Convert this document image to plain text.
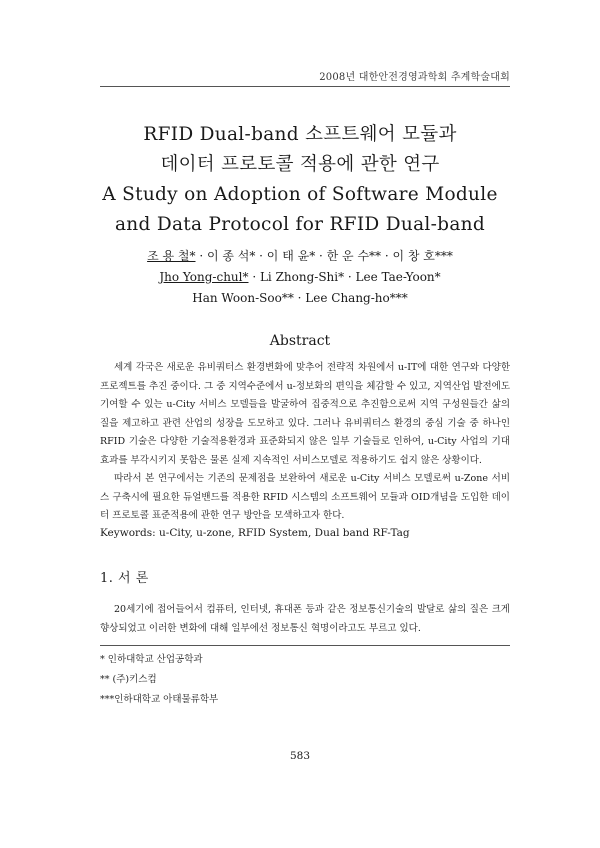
2008년 대한안전경영과학회 추계학술대회
RFID Dual-band 소프트웨어 모듈과
데이터 프로토콜 적용에 관한 연구
A Study on Adoption of Software Module
and Data Protocol for RFID Dual-band
조 용 철* · 이 종 석* · 이 태 윤* · 한 운 수** · 이 창 호***
Jho Yong-chul* · Li Zhong-Shi* · Lee Tae-Yoon*
Han Woon-Soo** · Lee Chang-ho***
Abstract

세계 각국은 새로운 유비쿼터스 환경변화에 맞추어 전략적 차원에서 u-IT에 대한 연구와 다양한 프로젝트를 추진 중이다. 그 중 지역수준에서 u-정보화의 편익을 체감할 수 있고, 지역산업 발전에도 기여할 수 있는 u-City 서비스 모델들을 발굴하여 집중적으로 추진함으로써 지역 구성원들간 삶의 질을 제고하고 관련 산업의 성장을 도모하고 있다. 그러나 유비쿼터스 환경의 중심 기술 중 하나인 RFID 기술은 다양한 기술적용환경과 표준화되지 않은 일부 기술들로 인하여, u-City 사업의 기대효과를 부각시키지 못함은 물론 실제 지속적인 서비스모델로 적용하기도 쉽지 않은 상황이다.

따라서 본 연구에서는 기존의 문제점을 보완하여 새로운 u-City 서비스 모델로써 u-Zone 서비스 구축시에 필요한 듀얼밴드를 적용한 RFID 시스템의 소프트웨어 모듈과 OID개념을 도입한 데이터 프로토콜 표준적용에 관한 연구 방안을 모색하고자 한다.

Keywords: u-City, u-zone, RFID System, Dual band RF-Tag
1. 서 론

20세기에 접어들어서 컴퓨터, 인터넷, 휴대폰 등과 같은 정보통신기술의 발달로 삶의 질은 크게 향상되었고 이러한 변화에 대해 일부에선 정보통신 혁명이라고도 부르고 있다.

* 인하대학교 산업공학과
** (주)키스컴
***인하대학교 아태물류학부
583
